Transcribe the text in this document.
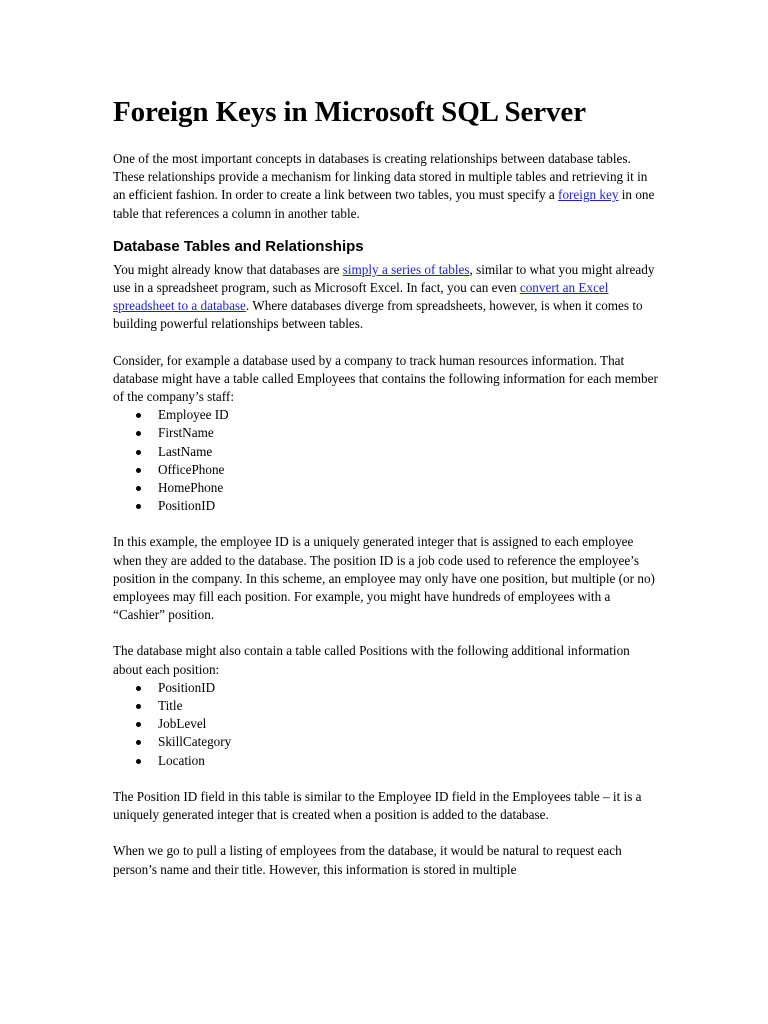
Foreign Keys in Microsoft SQL Server

One of the most important concepts in databases is creating relationships between database tables. These relationships provide a mechanism for linking data stored in multiple tables and retrieving it in an efficient fashion. In order to create a link between two tables, you must specify a foreign key in one table that references a column in another table.

Database Tables and Relationships

You might already know that databases are simply a series of tables, similar to what you might already use in a spreadsheet program, such as Microsoft Excel. In fact, you can even convert an Excel spreadsheet to a database. Where databases diverge from spreadsheets, however, is when it comes to building powerful relationships between tables.

Consider, for example a database used by a company to track human resources information. That database might have a table called Employees that contains the following information for each member of the company’s staff:

Employee ID
FirstName
LastName
OfficePhone
HomePhone
PositionID

In this example, the employee ID is a uniquely generated integer that is assigned to each employee when they are added to the database. The position ID is a job code used to reference the employee’s position in the company. In this scheme, an employee may only have one position, but multiple (or no) employees may fill each position. For example, you might have hundreds of employees with a “Cashier” position.

The database might also contain a table called Positions with the following additional information about each position:

PositionID
Title
JobLevel
SkillCategory
Location

The Position ID field in this table is similar to the Employee ID field in the Employees table – it is a uniquely generated integer that is created when a position is added to the database.

When we go to pull a listing of employees from the database, it would be natural to request each person’s name and their title. However, this information is stored in multiple
